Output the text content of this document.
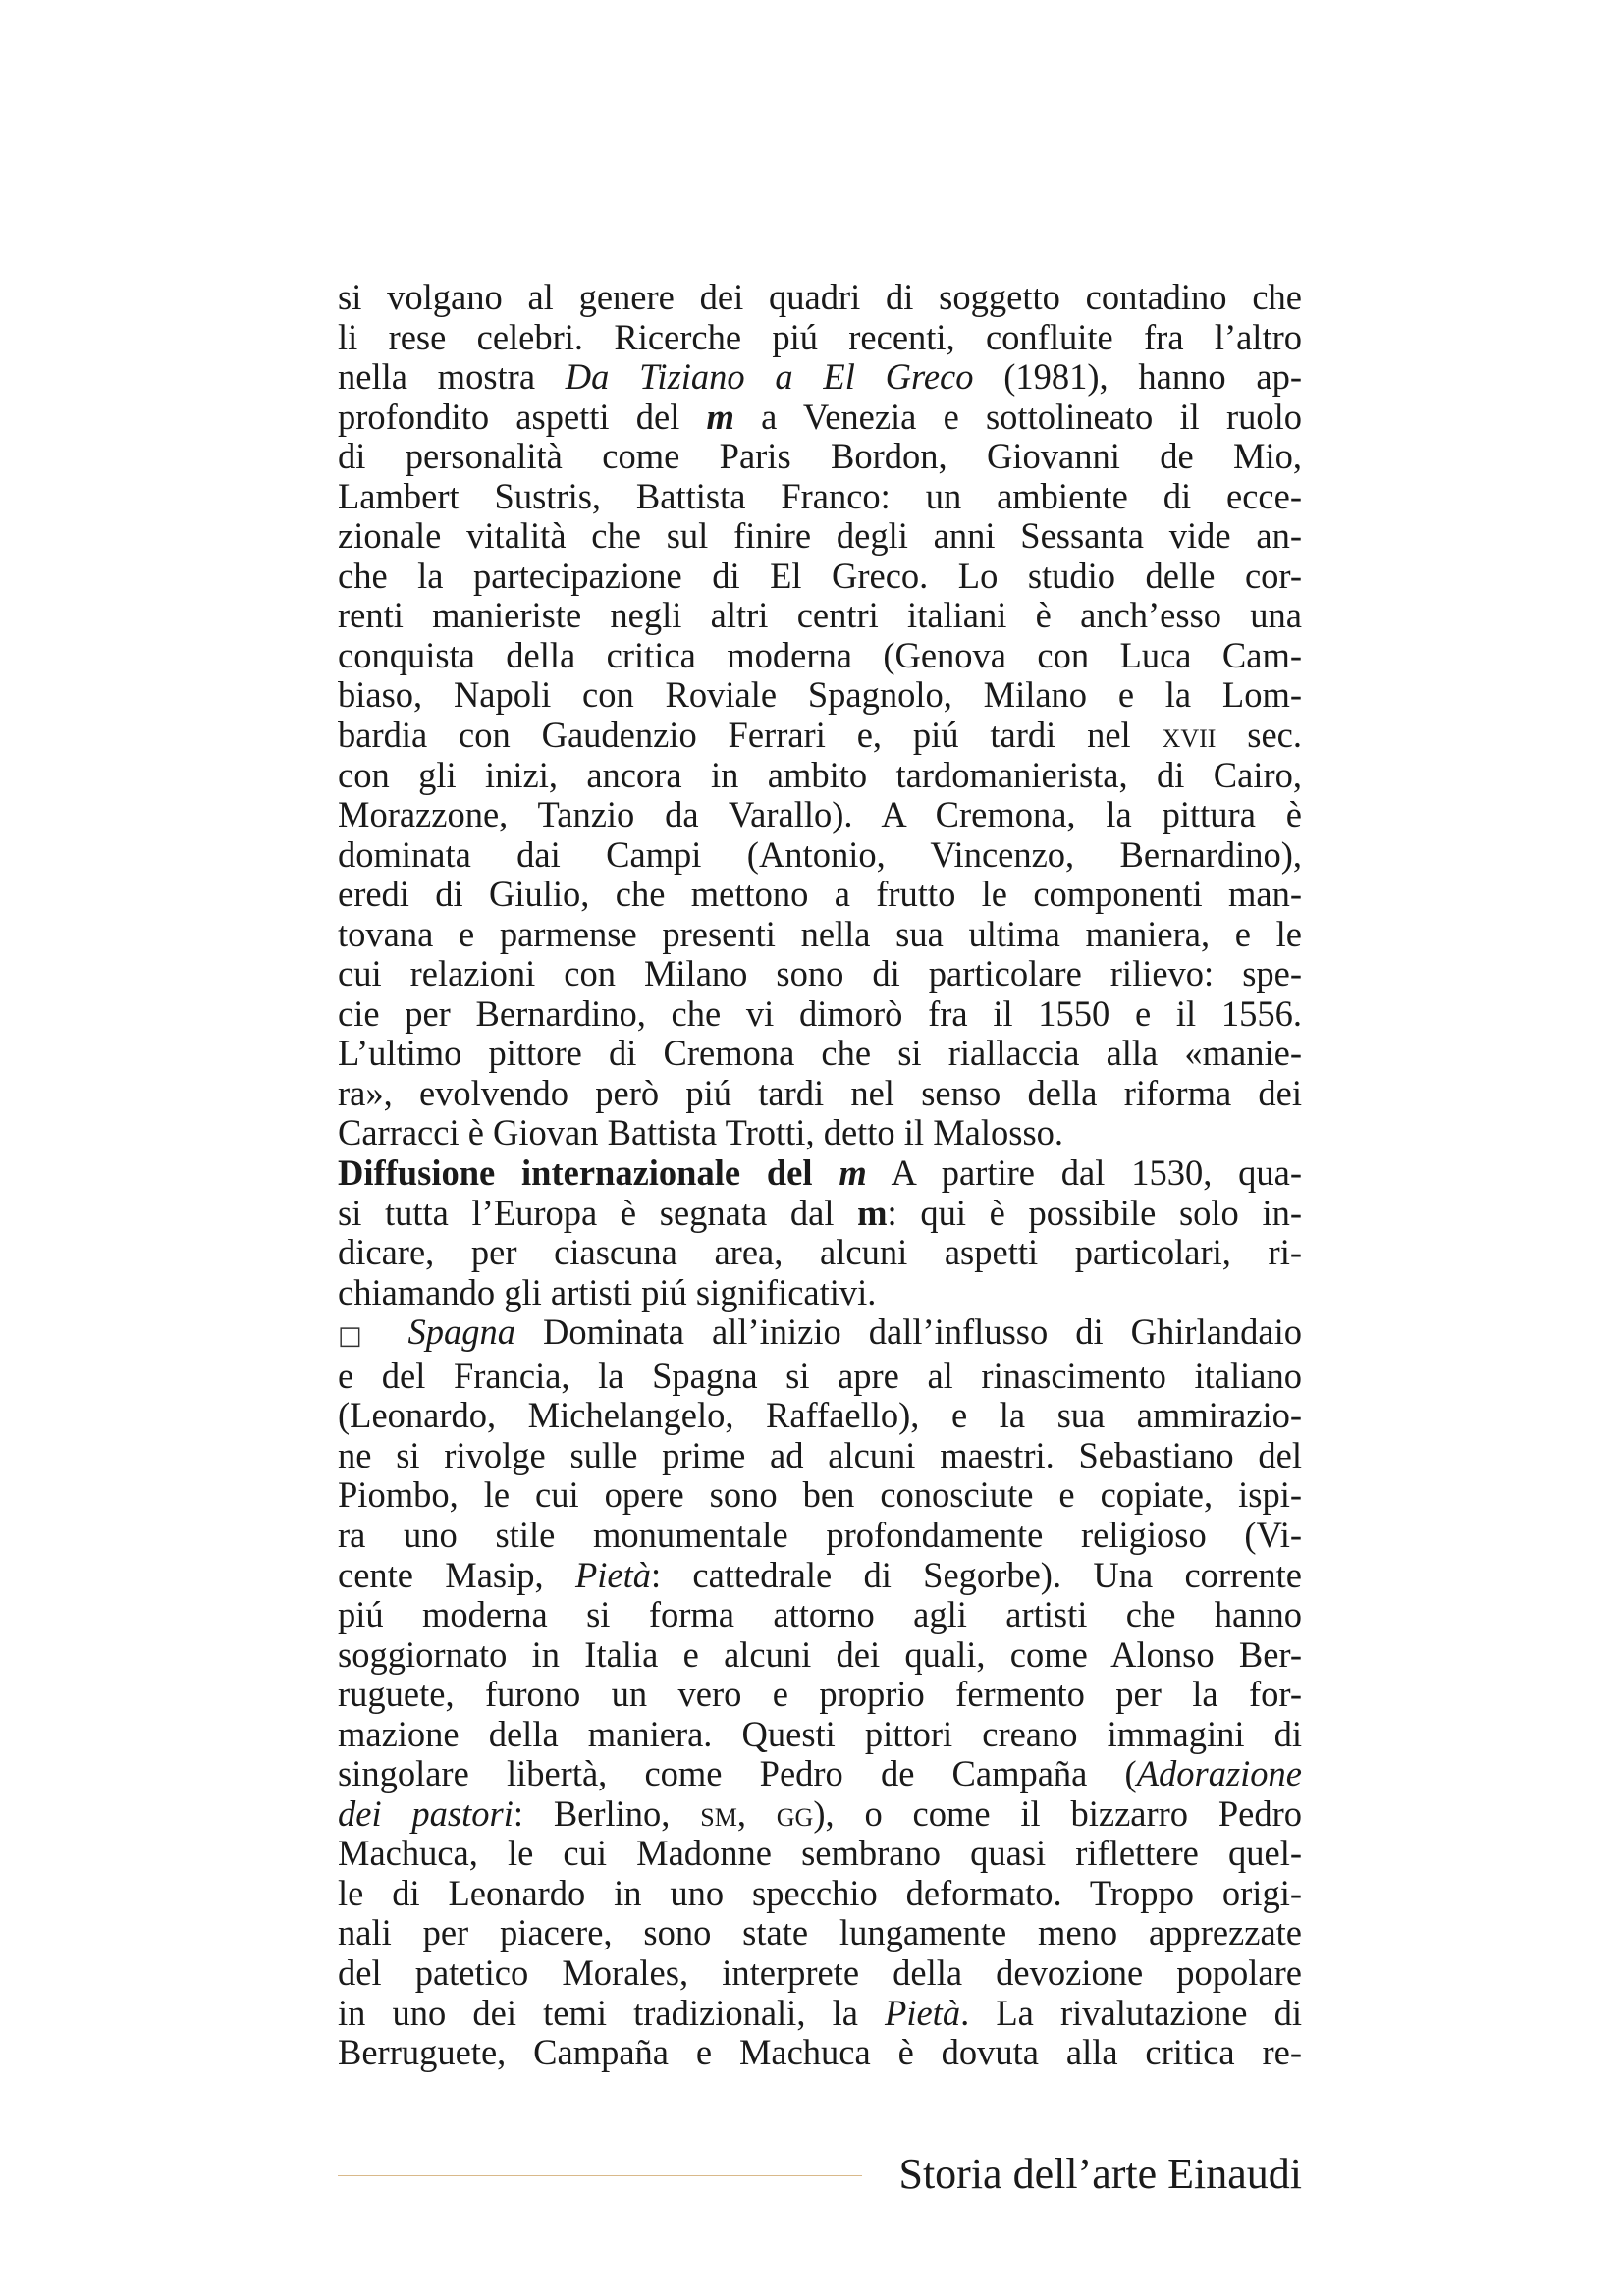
si volgano al genere dei quadri di soggetto contadino che
li rese celebri. Ricerche piú recenti, confluite fra l’altro
nella mostra Da Tiziano a El Greco (1981), hanno ap-
profondito aspetti del m a Venezia e sottolineato il ruolo
di personalità come Paris Bordon, Giovanni de Mio,
Lambert Sustris, Battista Franco: un ambiente di ecce-
zionale vitalità che sul finire degli anni Sessanta vide an-
che la partecipazione di El Greco. Lo studio delle cor-
renti manieriste negli altri centri italiani è anch’esso una
conquista della critica moderna (Genova con Luca Cam-
biaso, Napoli con Roviale Spagnolo, Milano e la Lom-
bardia con Gaudenzio Ferrari e, piú tardi nel xvii sec.
con gli inizi, ancora in ambito tardomanierista, di Cairo,
Morazzone, Tanzio da Varallo). A Cremona, la pittura è
dominata dai Campi (Antonio, Vincenzo, Bernardino),
eredi di Giulio, che mettono a frutto le componenti man-
tovana e parmense presenti nella sua ultima maniera, e le
cui relazioni con Milano sono di particolare rilievo: spe-
cie per Bernardino, che vi dimorò fra il 1550 e il 1556.
L’ultimo pittore di Cremona che si riallaccia alla «manie-
ra», evolvendo però piú tardi nel senso della riforma dei
Carracci è Giovan Battista Trotti, detto il Malosso.
Diffusione internazionale del m A partire dal 1530, qua-
si tutta l’Europa è segnata dal m: qui è possibile solo in-
dicare, per ciascuna area, alcuni aspetti particolari, ri-
chiamando gli artisti piú significativi.
□ Spagna Dominata all’inizio dall’influsso di Ghirlandaio
e del Francia, la Spagna si apre al rinascimento italiano
(Leonardo, Michelangelo, Raffaello), e la sua ammirazio-
ne si rivolge sulle prime ad alcuni maestri. Sebastiano del
Piombo, le cui opere sono ben conosciute e copiate, ispi-
ra uno stile monumentale profondamente religioso (Vi-
cente Masip, Pietà: cattedrale di Segorbe). Una corrente
piú moderna si forma attorno agli artisti che hanno
soggiornato in Italia e alcuni dei quali, come Alonso Ber-
ruguete, furono un vero e proprio fermento per la for-
mazione della maniera. Questi pittori creano immagini di
singolare libertà, come Pedro de Campaña (Adorazione
dei pastori: Berlino, sm, gg), o come il bizzarro Pedro
Machuca, le cui Madonne sembrano quasi riflettere quel-
le di Leonardo in uno specchio deformato. Troppo origi-
nali per piacere, sono state lungamente meno apprezzate
del patetico Morales, interprete della devozione popolare
in uno dei temi tradizionali, la Pietà. La rivalutazione di
Berruguete, Campaña e Machuca è dovuta alla critica re-
Storia dell’arte Einaudi
